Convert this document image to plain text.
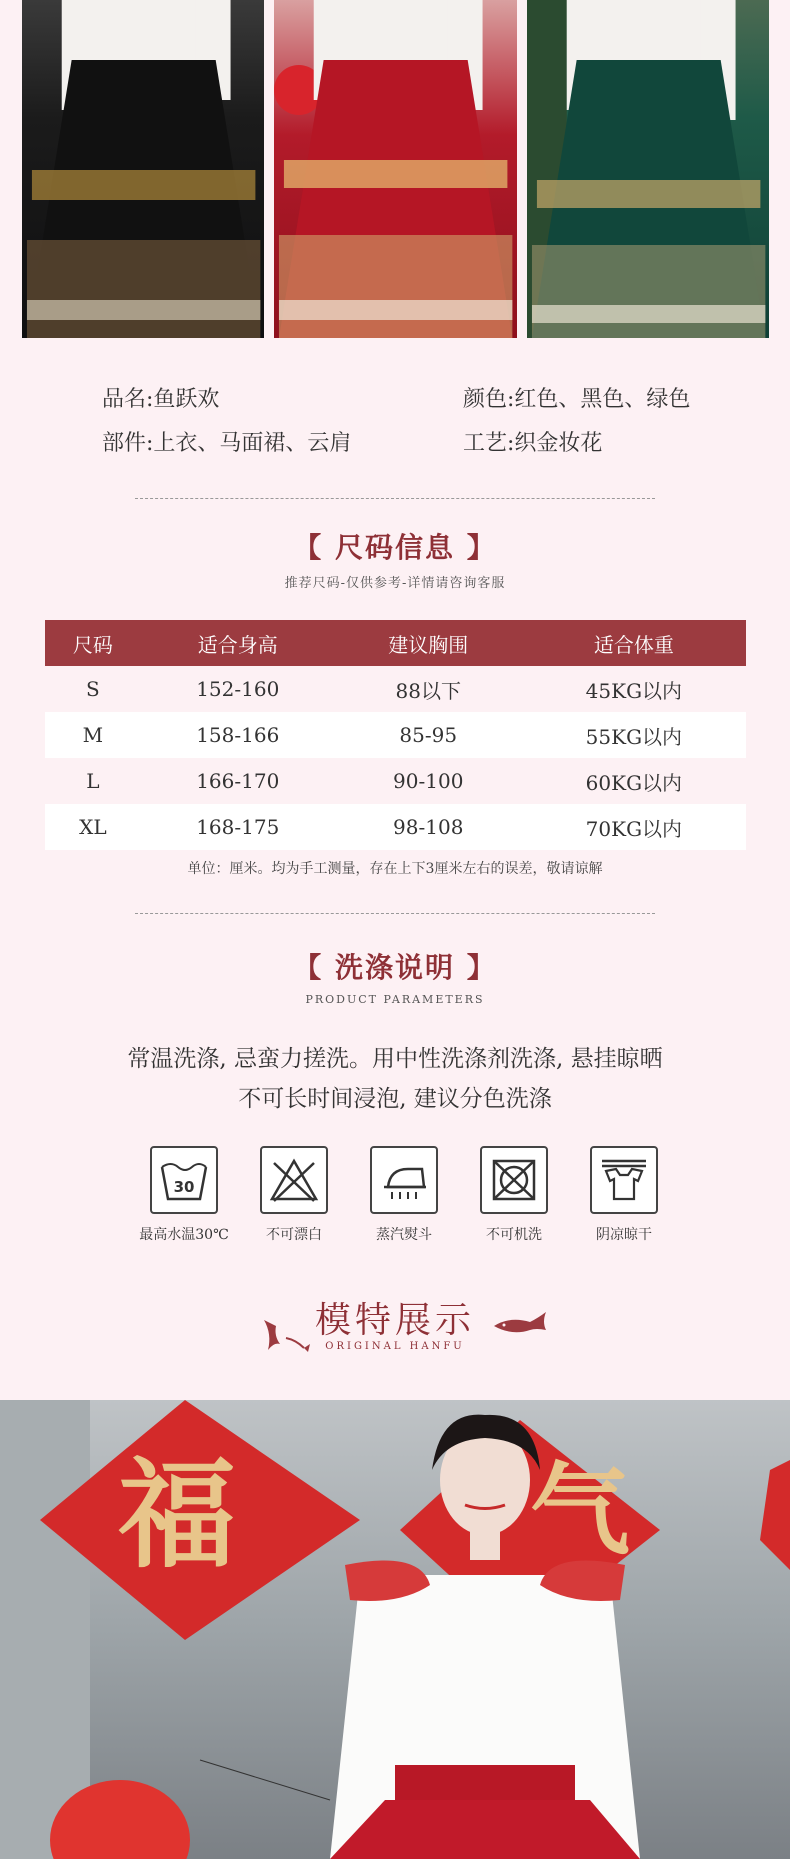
品名:鱼跃欢	颜色:红色、黑色、绿色
部件:上衣、马面裙、云肩	工艺:织金妆花
【 尺码信息 】
推荐尺码-仅供参考-详情请咨询客服
尺码	适合身高	建议胸围	适合体重
S	152-160	88以下	45KG以内
M	158-166	85-95	55KG以内
L	166-170	90-100	60KG以内
XL	168-175	98-108	70KG以内
单位：厘米。均为手工测量，存在上下3厘米左右的误差，敬请谅解
【 洗涤说明 】
PRODUCT PARAMETERS
常温洗涤, 忌蛮力搓洗。用中性洗涤剂洗涤, 悬挂晾晒
不可长时间浸泡, 建议分色洗涤
30
最高水温30℃	不可漂白	蒸汽熨斗	不可机洗	阴凉晾干
模特展示
ORIGINAL HANFU
福	气
